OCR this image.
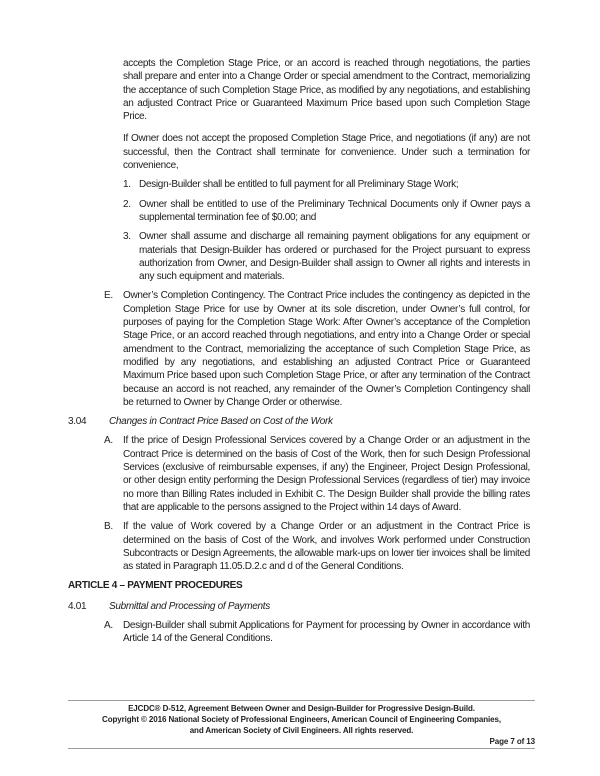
accepts the Completion Stage Price, or an accord is reached through negotiations, the parties shall prepare and enter into a Change Order or special amendment to the Contract, memorializing the acceptance of such Completion Stage Price, as modified by any negotiations, and establishing an adjusted Contract Price or Guaranteed Maximum Price based upon such Completion Stage Price.

If Owner does not accept the proposed Completion Stage Price, and negotiations (if any) are not successful, then the Contract shall terminate for convenience. Under such a termination for convenience,

1. Design-Builder shall be entitled to full payment for all Preliminary Stage Work;
2. Owner shall be entitled to use of the Preliminary Technical Documents only if Owner pays a supplemental termination fee of $0.00; and
3. Owner shall assume and discharge all remaining payment obligations for any equipment or materials that Design-Builder has ordered or purchased for the Project pursuant to express authorization from Owner, and Design-Builder shall assign to Owner all rights and interests in any such equipment and materials.
E.	Owner’s Completion Contingency. The Contract Price includes the contingency as depicted in the Completion Stage Price for use by Owner at its sole discretion, under Owner’s full control, for purposes of paying for the Completion Stage Work: After Owner’s acceptance of the Completion Stage Price, or an accord reached through negotiations, and entry into a Change Order or special amendment to the Contract, memorializing the acceptance of such Completion Stage Price, as modified by any negotiations, and establishing an adjusted Contract Price or Guaranteed Maximum Price based upon such Completion Stage Price, or after any termination of the Contract because an accord is not reached, any remainder of the Owner’s Completion Contingency shall be returned to Owner by Change Order or otherwise.
3.04	Changes in Contract Price Based on Cost of the Work
A.	If the price of Design Professional Services covered by a Change Order or an adjustment in the Contract Price is determined on the basis of Cost of the Work, then for such Design Professional Services (exclusive of reimbursable expenses, if any) the Engineer, Project Design Professional, or other design entity performing the Design Professional Services (regardless of tier) may invoice no more than Billing Rates included in Exhibit C. The Design Builder shall provide the billing rates that are applicable to the persons assigned to the Project within 14 days of Award.
B.	If the value of Work covered by a Change Order or an adjustment in the Contract Price is determined on the basis of Cost of the Work, and involves Work performed under Construction Subcontracts or Design Agreements, the allowable mark-ups on lower tier invoices shall be limited as stated in Paragraph 11.05.D.2.c and d of the General Conditions.
ARTICLE 4 – PAYMENT PROCEDURES
4.01	Submittal and Processing of Payments
A.	Design-Builder shall submit Applications for Payment for processing by Owner in accordance with Article 14 of the General Conditions.
EJCDC® D-512, Agreement Between Owner and Design-Builder for Progressive Design-Build.
Copyright © 2016 National Society of Professional Engineers, American Council of Engineering Companies,
and American Society of Civil Engineers. All rights reserved.
Page 7 of 13
